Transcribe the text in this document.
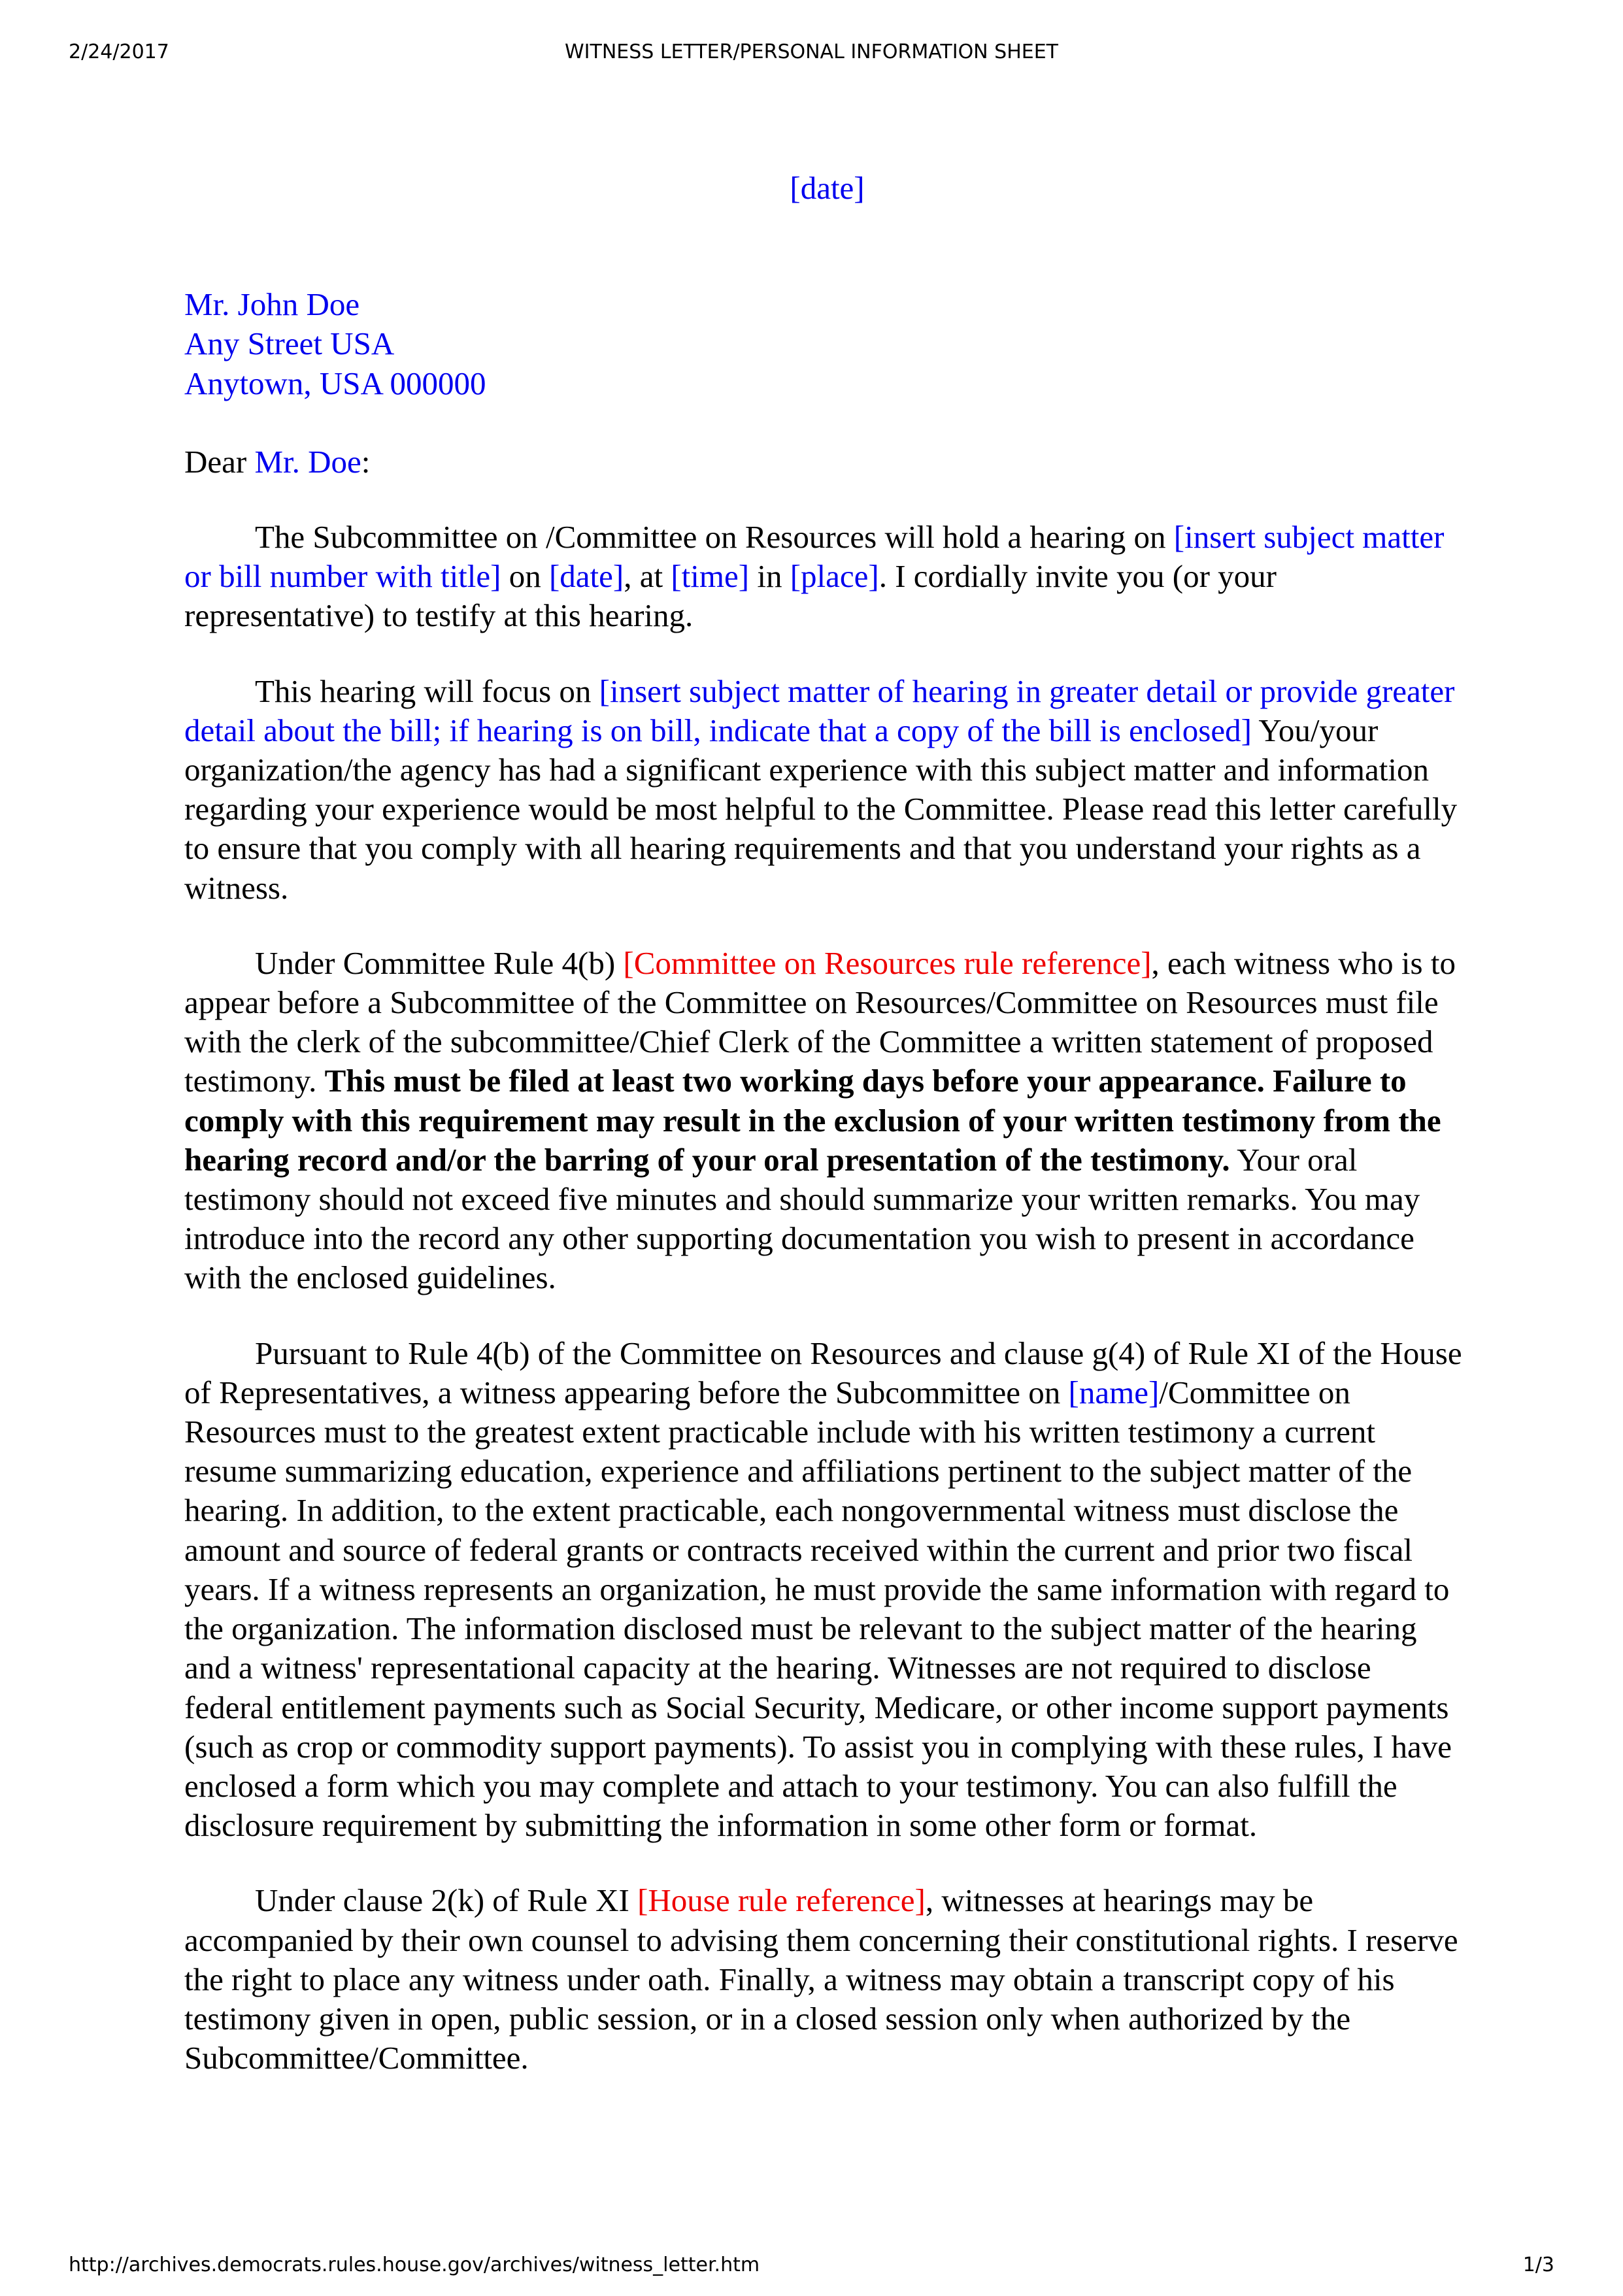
WITNESS LETTER/PERSONAL INFORMATION SHEET
2/24/2017
[date]
Mr. John Doe
Any Street USA
Anytown, USA 000000
Dear Mr. Doe:
The Subcommittee on /Committee on Resources will hold a hearing on [insert subject matter or bill number with title] on [date], at [time] in [place]. I cordially invite you (or your representative) to testify at this hearing.
This hearing will focus on [insert subject matter of hearing in greater detail or provide greater detail about the bill; if hearing is on bill, indicate that a copy of the bill is enclosed] You/your organization/the agency has had a significant experience with this subject matter and information regarding your experience would be most helpful to the Committee. Please read this letter carefully to ensure that you comply with all hearing requirements and that you understand your rights as a witness.
Under Committee Rule 4(b) [Committee on Resources rule reference], each witness who is to appear before a Subcommittee of the Committee on Resources/Committee on Resources must file with the clerk of the subcommittee/Chief Clerk of the Committee a written statement of proposed testimony. This must be filed at least two working days before your appearance. Failure to comply with this requirement may result in the exclusion of your written testimony from the hearing record and/or the barring of your oral presentation of the testimony. Your oral testimony should not exceed five minutes and should summarize your written remarks. You may introduce into the record any other supporting documentation you wish to present in accordance with the enclosed guidelines.
Pursuant to Rule 4(b) of the Committee on Resources and clause g(4) of Rule XI of the House of Representatives, a witness appearing before the Subcommittee on [name]/Committee on Resources must to the greatest extent practicable include with his written testimony a current resume summarizing education, experience and affiliations pertinent to the subject matter of the hearing. In addition, to the extent practicable, each nongovernmental witness must disclose the amount and source of federal grants or contracts received within the current and prior two fiscal years. If a witness represents an organization, he must provide the same information with regard to the organization. The information disclosed must be relevant to the subject matter of the hearing and a witness' representational capacity at the hearing. Witnesses are not required to disclose federal entitlement payments such as Social Security, Medicare, or other income support payments (such as crop or commodity support payments). To assist you in complying with these rules, I have enclosed a form which you may complete and attach to your testimony. You can also fulfill the disclosure requirement by submitting the information in some other form or format.
Under clause 2(k) of Rule XI [House rule reference], witnesses at hearings may be accompanied by their own counsel to advising them concerning their constitutional rights. I reserve the right to place any witness under oath. Finally, a witness may obtain a transcript copy of his testimony given in open, public session, or in a closed session only when authorized by the Subcommittee/Committee.
http://archives.democrats.rules.house.gov/archives/witness_letter.htm	1/3
